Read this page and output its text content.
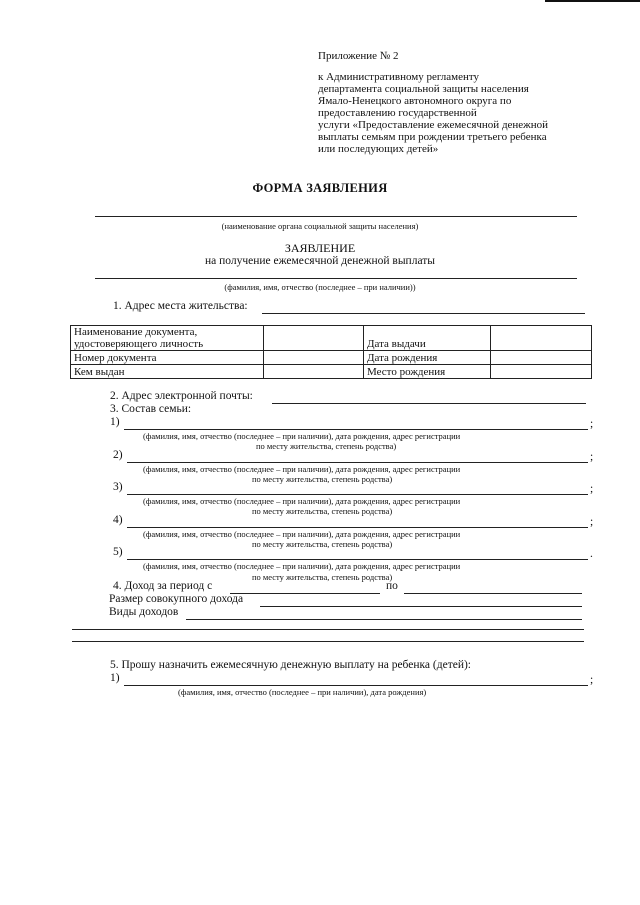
Приложение № 2
к Административному регламенту
департамента социальной защиты населения
Ямало-Ненецкого автономного округа по
предоставлению государственной
услуги «Предоставление ежемесячной денежной
выплаты семьям при рождении третьего ребенка
или последующих детей»
ФОРМА ЗАЯВЛЕНИЯ
(наименование органа социальной защиты населения)
ЗАЯВЛЕНИЕ
на получение ежемесячной денежной выплаты
(фамилия, имя, отчество (последнее – при наличии))
1. Адрес места жительства:
Наименование документа, удостоверяющего личность		Дата выдачи	
Номер документа		Дата рождения	
Кем выдан		Место рождения	
2. Адрес электронной почты:
3. Состав семьи:
1)	;
(фамилия, имя, отчество (последнее – при наличии), дата рождения, адрес регистрации
по месту жительства, степень родства)
2)	;
(фамилия, имя, отчество (последнее – при наличии), дата рождения, адрес регистрации
по месту жительства, степень родства)
3)	;
(фамилия, имя, отчество (последнее – при наличии), дата рождения, адрес регистрации
по месту жительства, степень родства)
4)	;
(фамилия, имя, отчество (последнее – при наличии), дата рождения, адрес регистрации
по месту жительства, степень родства)
5)	.
(фамилия, имя, отчество (последнее – при наличии), дата рождения, адрес регистрации
по месту жительства, степень родства)
4. Доход за период с	по
Размер совокупного дохода
Виды доходов
5. Прошу назначить ежемесячную денежную выплату на ребенка (детей):
1)	;
(фамилия, имя, отчество (последнее – при наличии), дата рождения)
